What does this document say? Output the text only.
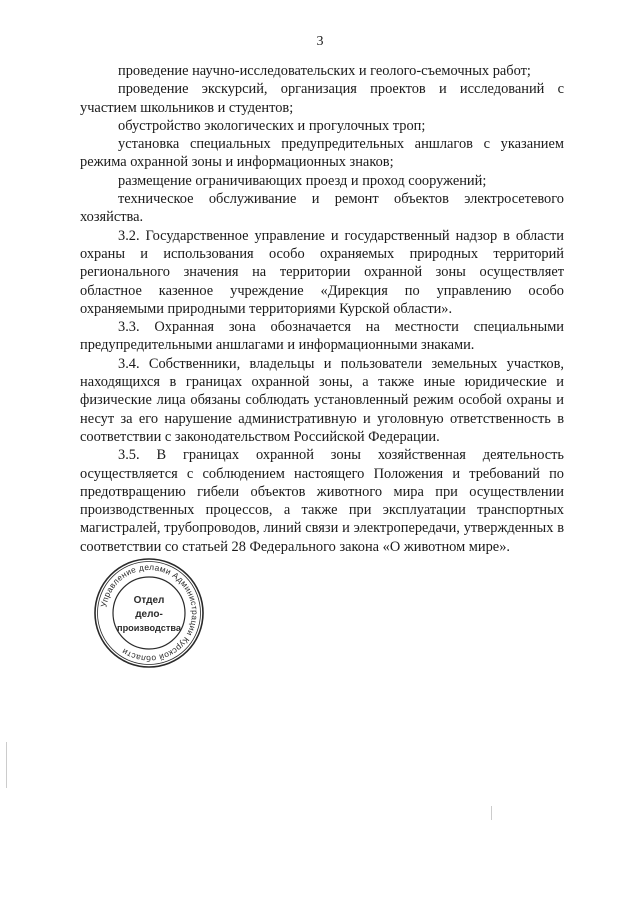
3

проведение научно-исследовательских и геолого-съемочных работ;

проведение экскурсий, организация проектов и исследований с участием школьников и студентов;

обустройство экологических и прогулочных троп;

установка специальных предупредительных аншлагов с указанием режима охранной зоны и информационных знаков;

размещение ограничивающих проезд и проход сооружений;

техническое обслуживание и ремонт объектов электросетевого хозяйства.

3.2. Государственное управление и государственный надзор в области охраны и использования особо охраняемых природных территорий регионального значения на территории охранной зоны осуществляет областное казенное учреждение «Дирекция по управлению особо охраняемыми природными территориями Курской области».

3.3. Охранная зона обозначается на местности специальными предупредительными аншлагами и информационными знаками.

3.4. Собственники, владельцы и пользователи земельных участков, находящихся в границах охранной зоны, а также иные юридические и физические лица обязаны соблюдать установленный режим особой охраны и несут за его нарушение административную и уголовную ответственность в соответствии с законодательством Российской Федерации.

3.5. В границах охранной зоны хозяйственная деятельность осуществляется с соблюдением настоящего Положения и требований по предотвращению гибели объектов животного мира при осуществлении производственных процессов, а также при эксплуатации транспортных магистралей, трубопроводов, линий связи и электропередачи, утвержденных в соответствии со статьей 28 Федерального закона «О животном мире».

Управление делами Администрации Курской области
Отдел
дело-
производства
